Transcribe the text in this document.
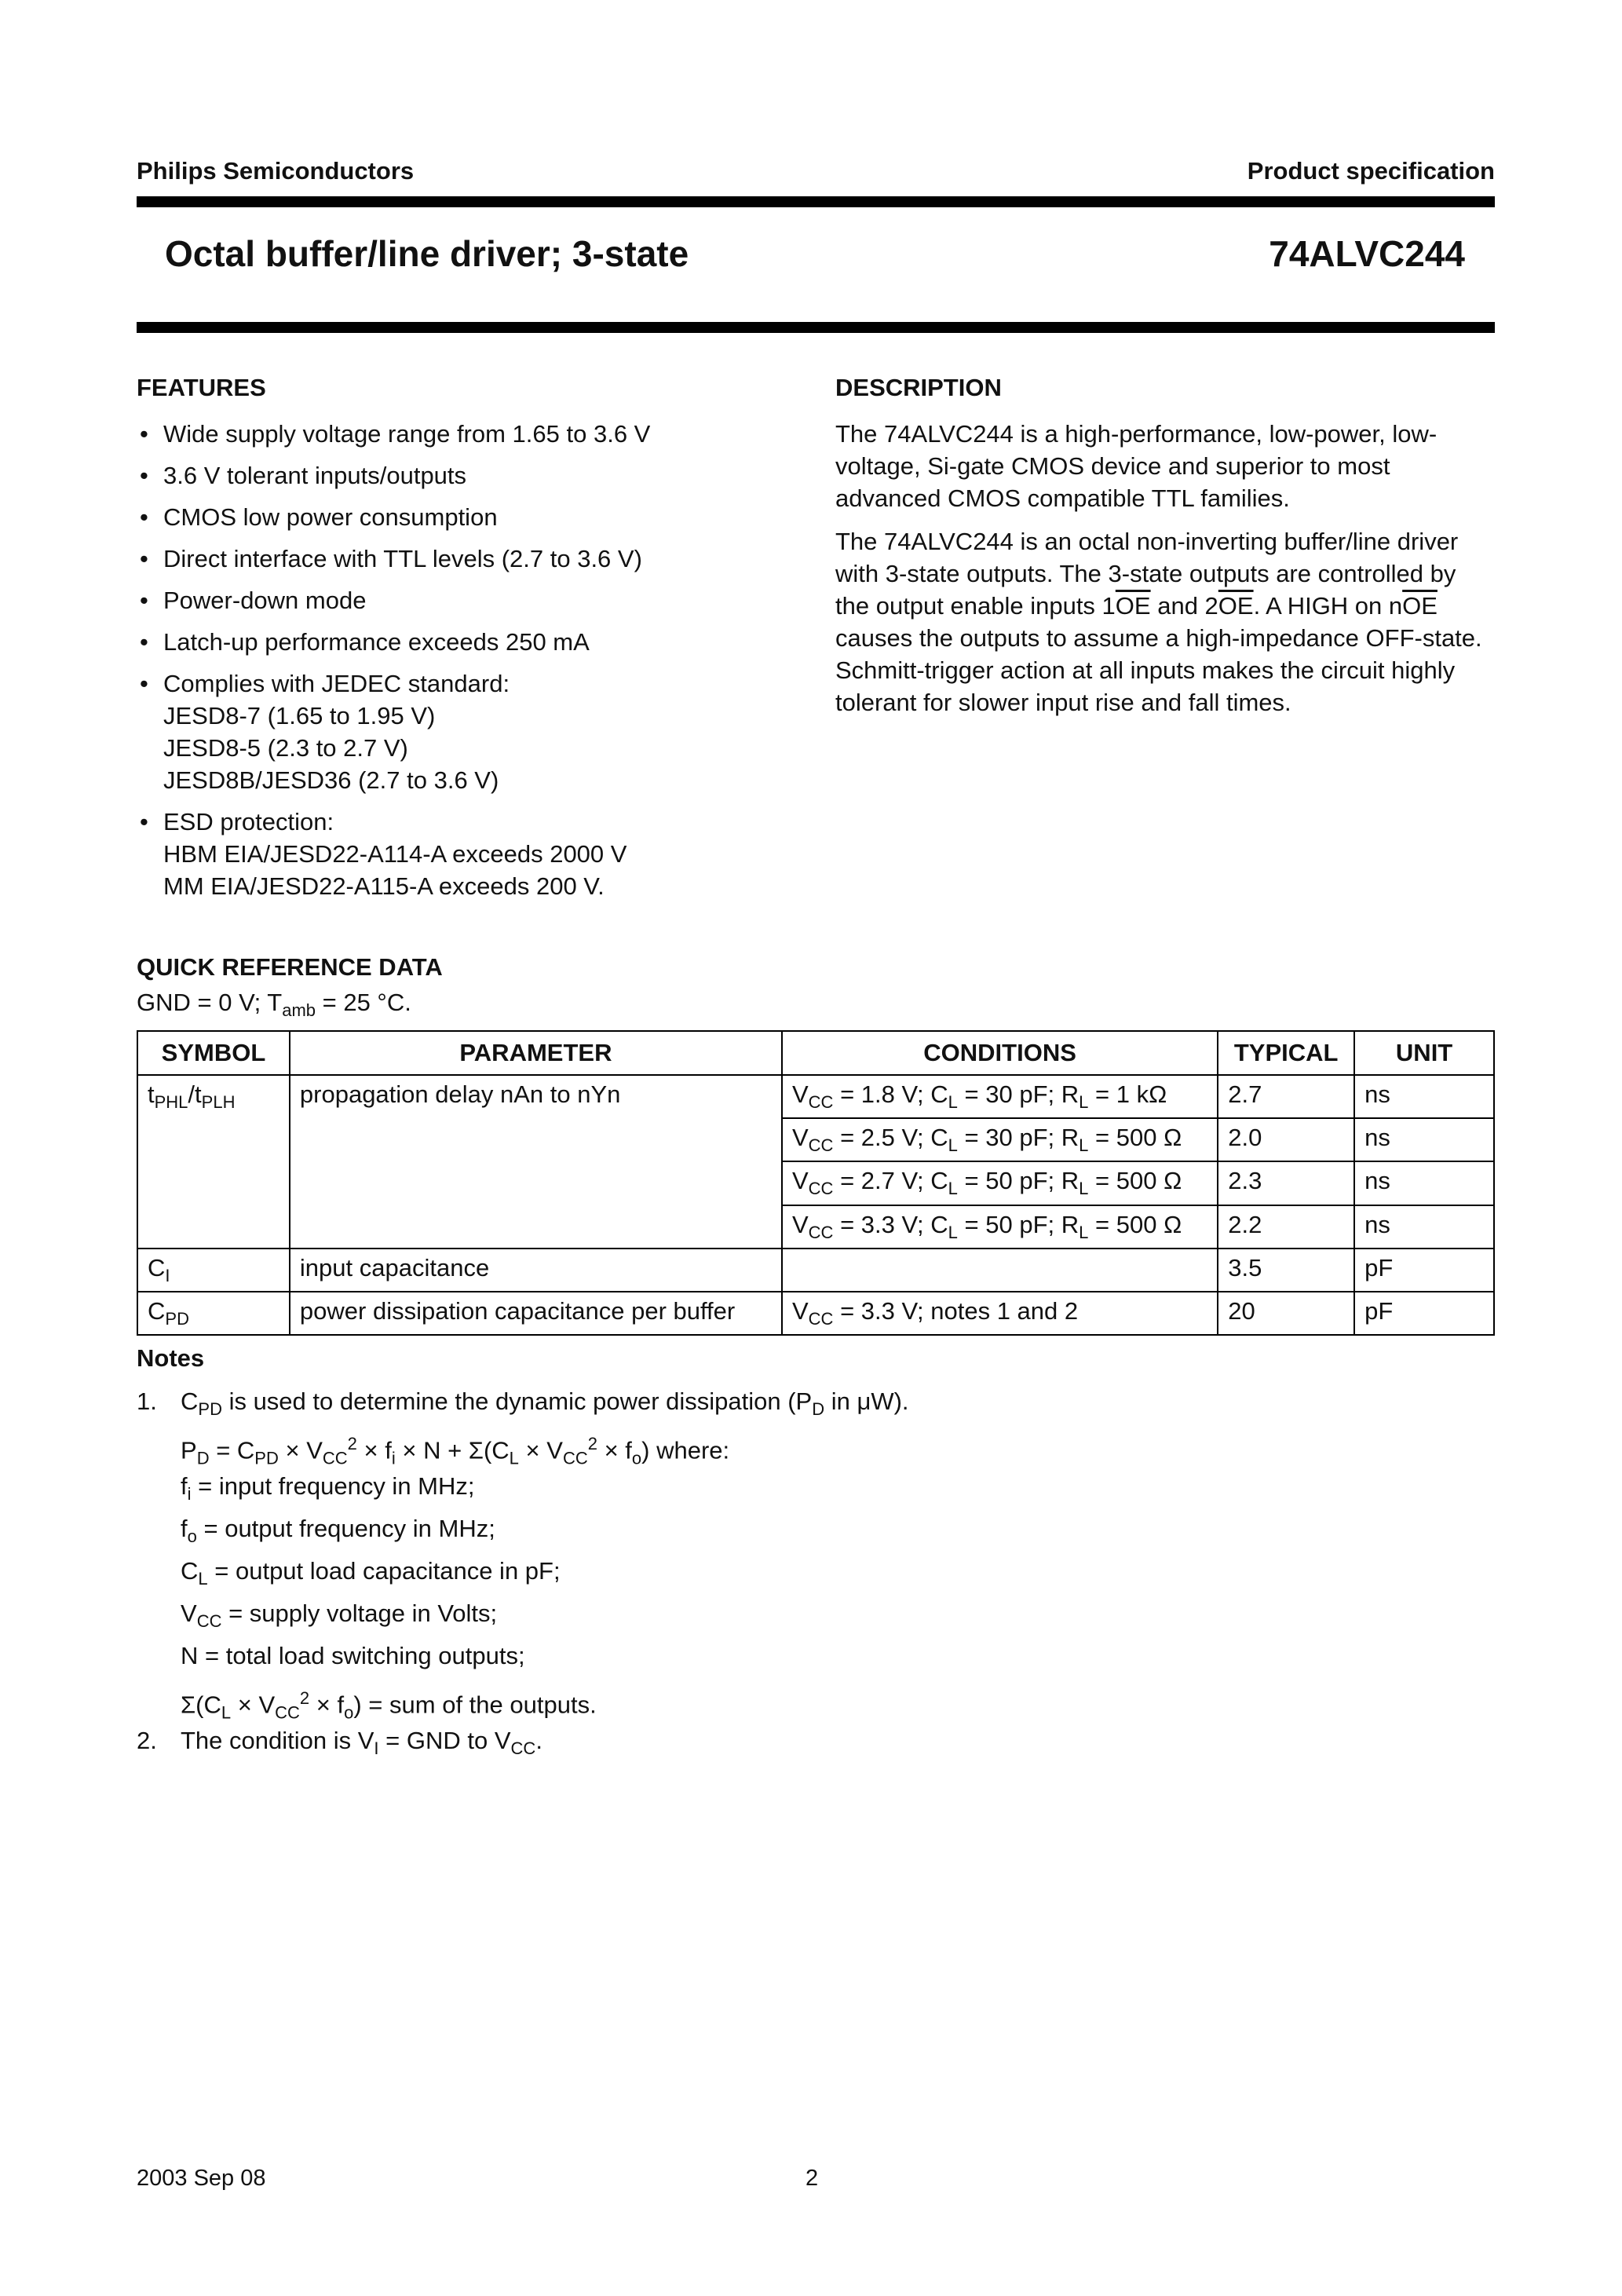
Philips Semiconductors	Product specification
Octal buffer/line driver; 3-state	74ALVC244
FEATURES
• Wide supply voltage range from 1.65 to 3.6 V
• 3.6 V tolerant inputs/outputs
• CMOS low power consumption
• Direct interface with TTL levels (2.7 to 3.6 V)
• Power-down mode
• Latch-up performance exceeds 250 mA
• Complies with JEDEC standard:
JESD8-7 (1.65 to 1.95 V)
JESD8-5 (2.3 to 2.7 V)
JESD8B/JESD36 (2.7 to 3.6 V)
• ESD protection:
HBM EIA/JESD22-A114-A exceeds 2000 V
MM EIA/JESD22-A115-A exceeds 200 V.
DESCRIPTION

The 74ALVC244 is a high-performance, low-power, low-voltage, Si-gate CMOS device and superior to most advanced CMOS compatible TTL families.

The 74ALVC244 is an octal non-inverting buffer/line driver with 3-state outputs. The 3-state outputs are controlled by the output enable inputs $1\overline{OE}$ and $2\overline{OE}$. A HIGH on $n\overline{OE}$ causes the outputs to assume a high-impedance OFF-state. Schmitt-trigger action at all inputs makes the circuit highly tolerant for slower input rise and fall times.

QUICK REFERENCE DATA
GND = 0 V; $T_{amb} = 25$ °C.
SYMBOL	PARAMETER	CONDITIONS	TYPICAL	UNIT
$t_{PHL}/t_{PLH}$	propagation delay nAn to nYn	$V_{CC} = 1.8$ V; $C_L = 30$ pF; $R_L = 1$ kΩ	2.7	ns
		$V_{CC} = 2.5$ V; $C_L = 30$ pF; $R_L = 500$ Ω	2.0	ns
		$V_{CC} = 2.7$ V; $C_L = 50$ pF; $R_L = 500$ Ω	2.3	ns
		$V_{CC} = 3.3$ V; $C_L = 50$ pF; $R_L = 500$ Ω	2.2	ns
$C_I$	input capacitance		3.5	pF
$C_{PD}$	power dissipation capacitance per buffer	$V_{CC} = 3.3$ V; notes 1 and 2	20	pF
Notes
1. $C_{PD}$ is used to determine the dynamic power dissipation ($P_D$ in μW).
$P_D = C_{PD} \times V_{CC}^2 \times f_i \times N + \Sigma(C_L \times V_{CC}^2 \times f_o)$ where:
$f_i$ = input frequency in MHz;
$f_o$ = output frequency in MHz;
$C_L$ = output load capacitance in pF;
$V_{CC}$ = supply voltage in Volts;
N = total load switching outputs;
$\Sigma(C_L \times V_{CC}^2 \times f_o)$ = sum of the outputs.
2. The condition is $V_I$ = GND to $V_{CC}$.
2003 Sep 08	2
